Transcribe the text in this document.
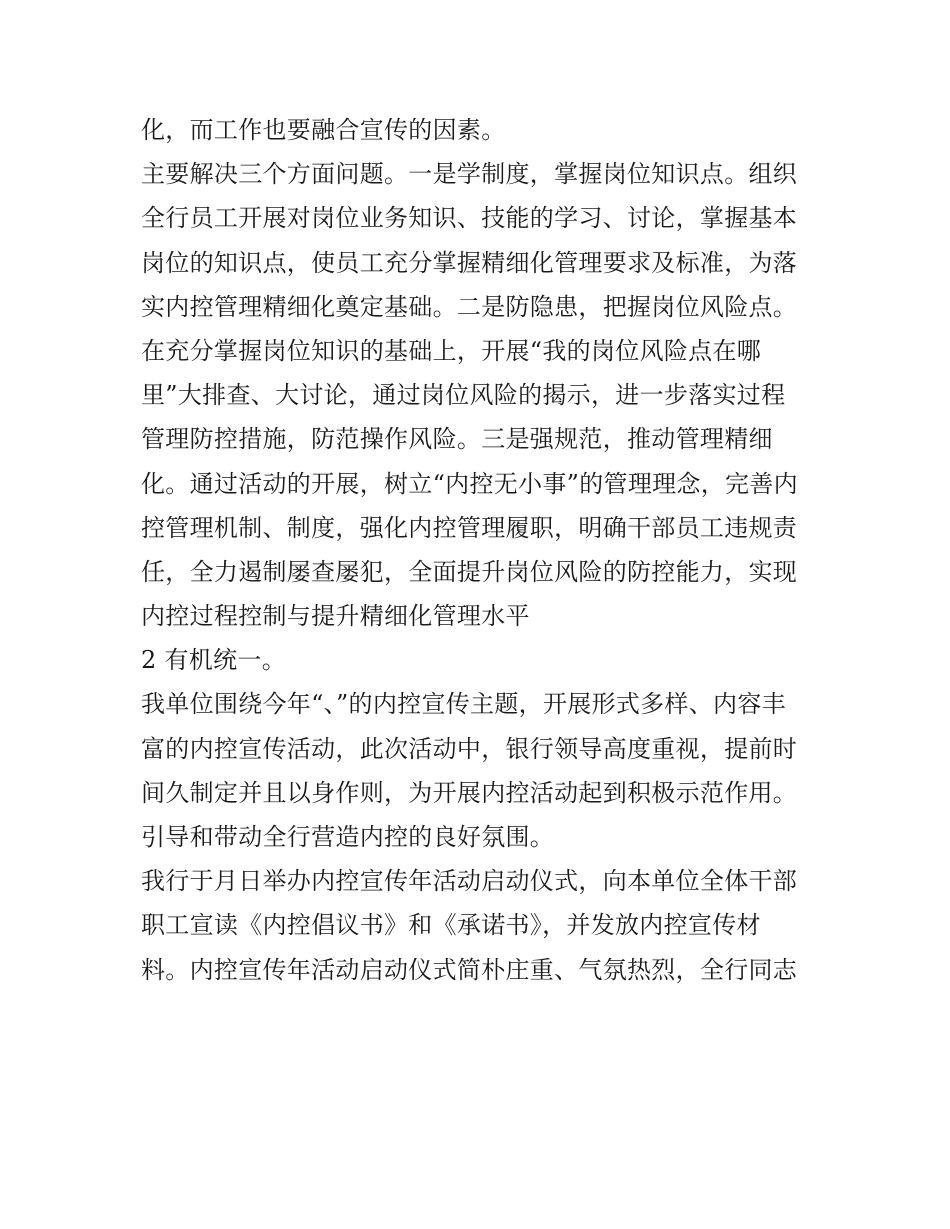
化，而工作也要融合宣传的因素。
主要解决三个方面问题。一是学制度，掌握岗位知识点。组织
全行员工开展对岗位业务知识、技能的学习、讨论，掌握基本
岗位的知识点，使员工充分掌握精细化管理要求及标准，为落
实内控管理精细化奠定基础。二是防隐患，把握岗位风险点。
在充分掌握岗位知识的基础上，开展“我的岗位风险点在哪
里”大排查、大讨论，通过岗位风险的揭示，进一步落实过程
管理防控措施，防范操作风险。三是强规范，推动管理精细
化。通过活动的开展，树立“内控无小事”的管理理念，完善内
控管理机制、制度，强化内控管理履职，明确干部员工违规责
任，全力遏制屡查屡犯，全面提升岗位风险的防控能力，实现
内控过程控制与提升精细化管理水平
2 有机统一。
我单位围绕今年“、”的内控宣传主题，开展形式多样、内容丰
富的内控宣传活动，此次活动中，银行领导高度重视，提前时
间久制定并且以身作则，为开展内控活动起到积极示范作用。
引导和带动全行营造内控的良好氛围。
我行于月日举办内控宣传年活动启动仪式，向本单位全体干部
职工宣读《内控倡议书》和《承诺书》，并发放内控宣传材
料。内控宣传年活动启动仪式简朴庄重、气氛热烈，全行同志
